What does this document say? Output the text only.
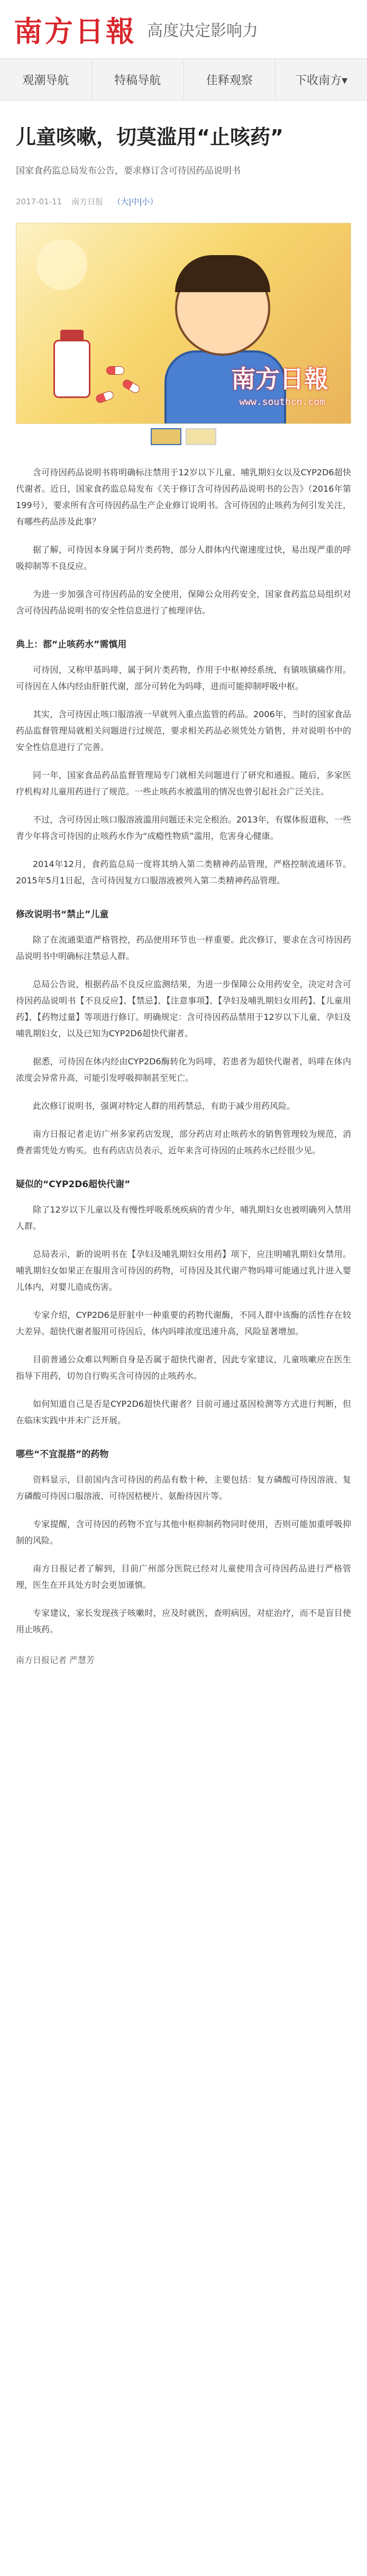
南方日報 高度决定影响力
观潮导航	特稿导航	佳释观察	下收南方▾
儿童咳嗽，切莫滥用“止咳药”

国家食药监总局发布公告，要求修订含可待因药品说明书

2017-01-11 南方日报 （大|中|小）
南方日報
www.southcn.com

含可待因药品说明书将明确标注禁用于12岁以下儿童、哺乳期妇女以及CYP2D6超快代谢者。近日，国家食药监总局发布《关于修订含可待因药品说明书的公告》（2016年第199号），要求所有含可待因药品生产企业修订说明书。含可待因的止咳药为何引发关注，有哪些药品涉及此事？

据了解，可待因本身属于阿片类药物，部分人群体内代谢速度过快，易出现严重的呼吸抑制等不良反应。

为进一步加强含可待因药品的安全使用，保障公众用药安全，国家食药监总局组织对含可待因药品说明书的安全性信息进行了梳理评估。

典上：都“止咳药水”需慎用

可待因，又称甲基吗啡，属于阿片类药物，作用于中枢神经系统，有镇咳镇痛作用。可待因在人体内经由肝脏代谢，部分可转化为吗啡，进而可能抑制呼吸中枢。

其实，含可待因止咳口服溶液一早就列入重点监管的药品。2006年，当时的国家食品药品监督管理局就相关问题进行过规范，要求相关药品必须凭处方销售，并对说明书中的安全性信息进行了完善。

同一年，国家食品药品监督管理局专门就相关问题进行了研究和通报。随后，多家医疗机构对儿童用药进行了规范。一些止咳药水被滥用的情况也曾引起社会广泛关注。

不过，含可待因止咳口服溶液滥用问题还未完全根治。2013年，有媒体报道称，一些青少年将含可待因的止咳药水作为“成瘾性物质”滥用，危害身心健康。

2014年12月，食药监总局一度将其纳入第二类精神药品管理，严格控制流通环节。2015年5月1日起，含可待因复方口服溶液被列入第二类精神药品管理。

修改说明书“禁止”儿童

除了在流通渠道严格管控，药品使用环节也一样重要。此次修订，要求在含可待因药品说明书中明确标注禁忌人群。

总局公告说，根据药品不良反应监测结果，为进一步保障公众用药安全，决定对含可待因药品说明书【不良反应】、【禁忌】、【注意事项】、【孕妇及哺乳期妇女用药】、【儿童用药】、【药物过量】等项进行修订。明确规定：含可待因药品禁用于12岁以下儿童、孕妇及哺乳期妇女，以及已知为CYP2D6超快代谢者。

据悉，可待因在体内经由CYP2D6酶转化为吗啡，若患者为超快代谢者，吗啡在体内浓度会异常升高，可能引发呼吸抑制甚至死亡。

此次修订说明书，强调对特定人群的用药禁忌，有助于减少用药风险。

南方日报记者走访广州多家药店发现，部分药店对止咳药水的销售管理较为规范，消费者需凭处方购买。也有药店店员表示，近年来含可待因的止咳药水已经很少见。

疑似的“CYP2D6超快代谢”

除了12岁以下儿童以及有慢性呼吸系统疾病的青少年，哺乳期妇女也被明确列入禁用人群。

总局表示，新的说明书在【孕妇及哺乳期妇女用药】项下，应注明哺乳期妇女禁用。哺乳期妇女如果正在服用含可待因的药物，可待因及其代谢产物吗啡可能通过乳汁进入婴儿体内，对婴儿造成伤害。

专家介绍，CYP2D6是肝脏中一种重要的药物代谢酶，不同人群中该酶的活性存在较大差异。超快代谢者服用可待因后，体内吗啡浓度迅速升高，风险显著增加。

目前普通公众难以判断自身是否属于超快代谢者，因此专家建议，儿童咳嗽应在医生指导下用药，切勿自行购买含可待因的止咳药水。

如何知道自己是否是CYP2D6超快代谢者？目前可通过基因检测等方式进行判断，但在临床实践中并未广泛开展。

哪些“不宜混搭”的药物

资料显示，目前国内含可待因的药品有数十种，主要包括：复方磷酸可待因溶液、复方磷酸可待因口服溶液、可待因桔梗片、氨酚待因片等。

专家提醒，含可待因的药物不宜与其他中枢抑制药物同时使用，否则可能加重呼吸抑制的风险。

南方日报记者了解到，目前广州部分医院已经对儿童使用含可待因药品进行严格管理，医生在开具处方时会更加谨慎。

专家建议，家长发现孩子咳嗽时，应及时就医，查明病因，对症治疗，而不是盲目使用止咳药。

南方日报记者 严慧芳
